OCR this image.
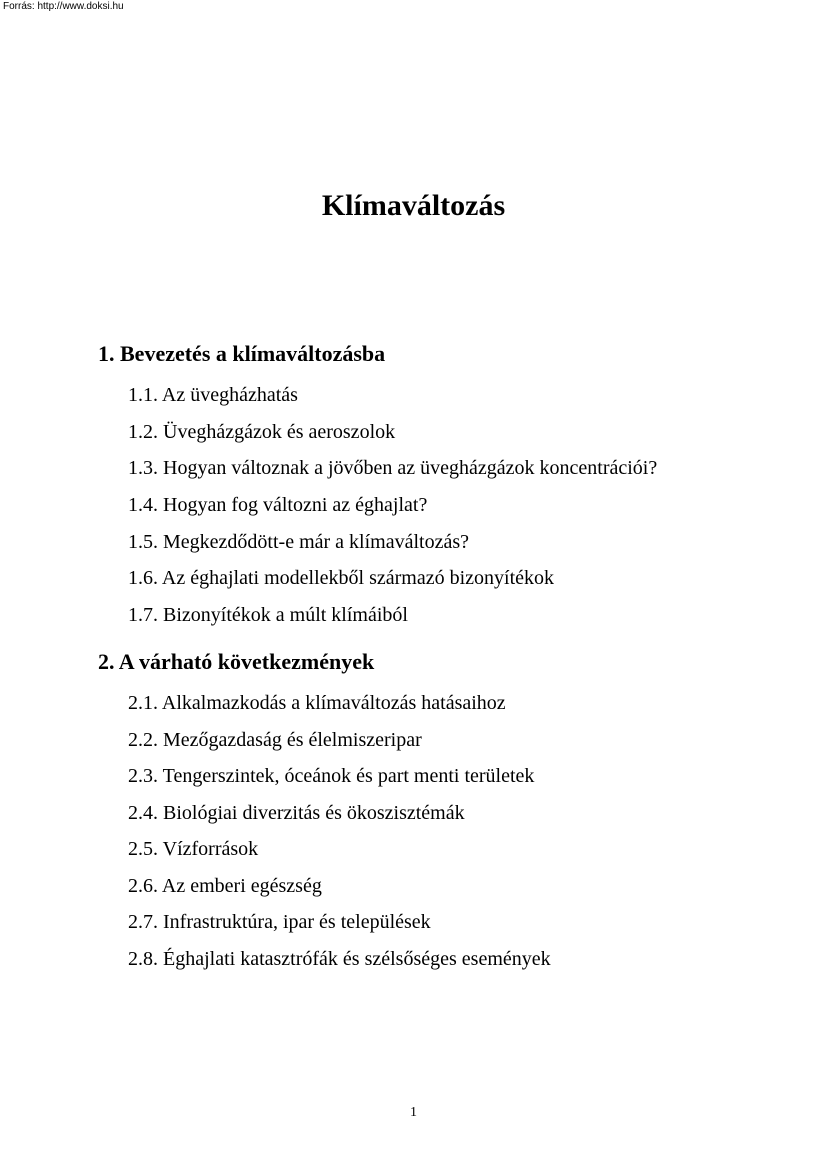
Forrás: http://www.doksi.hu
Klímaváltozás
1. Bevezetés a klímaváltozásba
1.1. Az üvegházhatás
1.2. Üvegházgázok és aeroszolok
1.3. Hogyan változnak a jövőben az üvegházgázok koncentrációi?
1.4. Hogyan fog változni az éghajlat?
1.5. Megkezdődött-e már a klímaváltozás?
1.6. Az éghajlati modellekből származó bizonyítékok
1.7. Bizonyítékok a múlt klímáiból
2. A várható következmények
2.1. Alkalmazkodás a klímaváltozás hatásaihoz
2.2. Mezőgazdaság és élelmiszeripar
2.3. Tengerszintek, óceánok és part menti területek
2.4. Biológiai diverzitás és ökoszisztémák
2.5. Vízforrások
2.6. Az emberi egészség
2.7. Infrastruktúra, ipar és települések
2.8. Éghajlati katasztrófák és szélsőséges események
1
